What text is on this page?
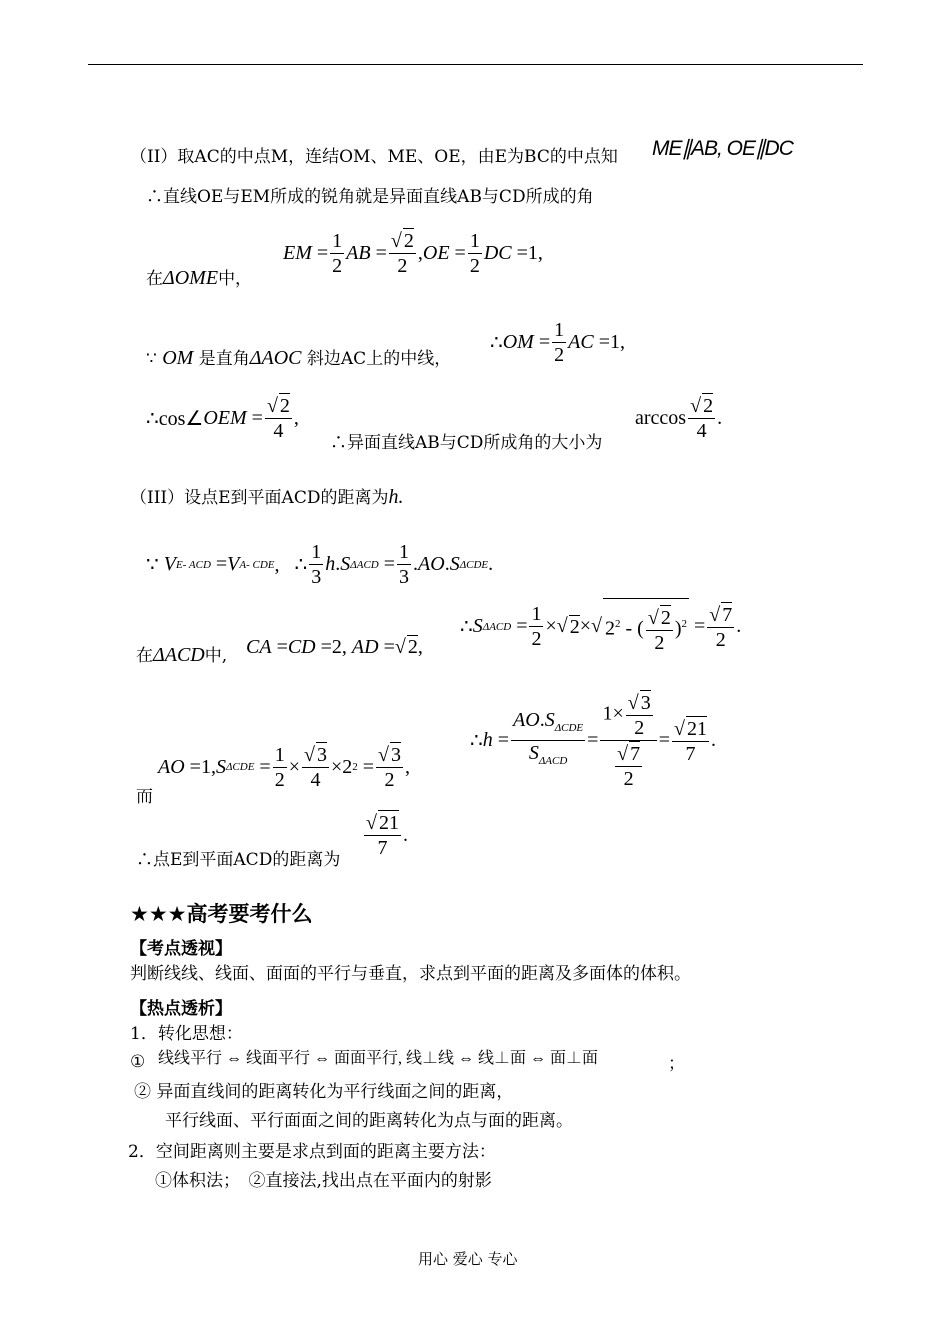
（II）取AC的中点M，连结OM、ME、OE，由E为BC的中点知 ME∥AB, OE∥DC
∴直线OE与EM所成的锐角就是异面直线AB与CD所成的角
在ΔOME中，
EM = $\frac{1}{2}$ AB = $\frac{√ 2}{2}$ , OE = $\frac{1}{2}$ DC =1,
∵ OM 是直角ΔAOC 斜边AC上的中线，
∴ OM = $\frac{1}{2}$ AC =1,
∴cos∠ OEM = $\frac{√ 2}{4}$ ,
∴异面直线AB与CD所成角的大小为
$\arccos \frac{√ 2}{4}$ .
（III）设点E到平面ACD的距离为h.
∵ V E- ACD = V A- CDE ,   ∴ $\frac{1}{3}$ h . S $\Delta ACD = \frac{1}{3}$ . AO . S ΔCDE .
在ΔACD中, CA = CD =2, AD =√ 2 ,
∴ S $\Delta ACD = \frac{1}{2}$ ×√ 2 ×√ $2^2$ - ( $\frac{√ 2}{2} )^2 = \frac{√ 7}{2}$ .
而
AO =1, S $\Delta CDE = \frac{1}{2} \times \frac{√ 3}{4} \times 2$ $2 = \frac{√ 3}{2}$ ,
∴ $h = \frac{AO.S_{\Delta CDE}}{S_{\Delta ACD}} = \frac{1\times \frac{√ 3}{2}}{\frac{√ 7}{2}} = \frac{√ 21}{7}$ .
∴点E到平面ACD的距离为 $\frac{√ 21}{7}$ .
★★★高考要考什么
【考点透视】
判断线线、线面、面面的平行与垂直，求点到平面的距离及多面体的体积。
【热点透析】
1．转化思想：
① 线线平行 ⇔ 线面平行 ⇔ 面面平行, 线⊥线 ⇔ 线⊥面 ⇔ 面⊥面	；
② 异面直线间的距离转化为平行线面之间的距离，
平行线面、平行面面之间的距离转化为点与面的距离。
2．空间距离则主要是求点到面的距离主要方法：
①体积法；　②直接法,找出点在平面内的射影
用心 爱心 专心
